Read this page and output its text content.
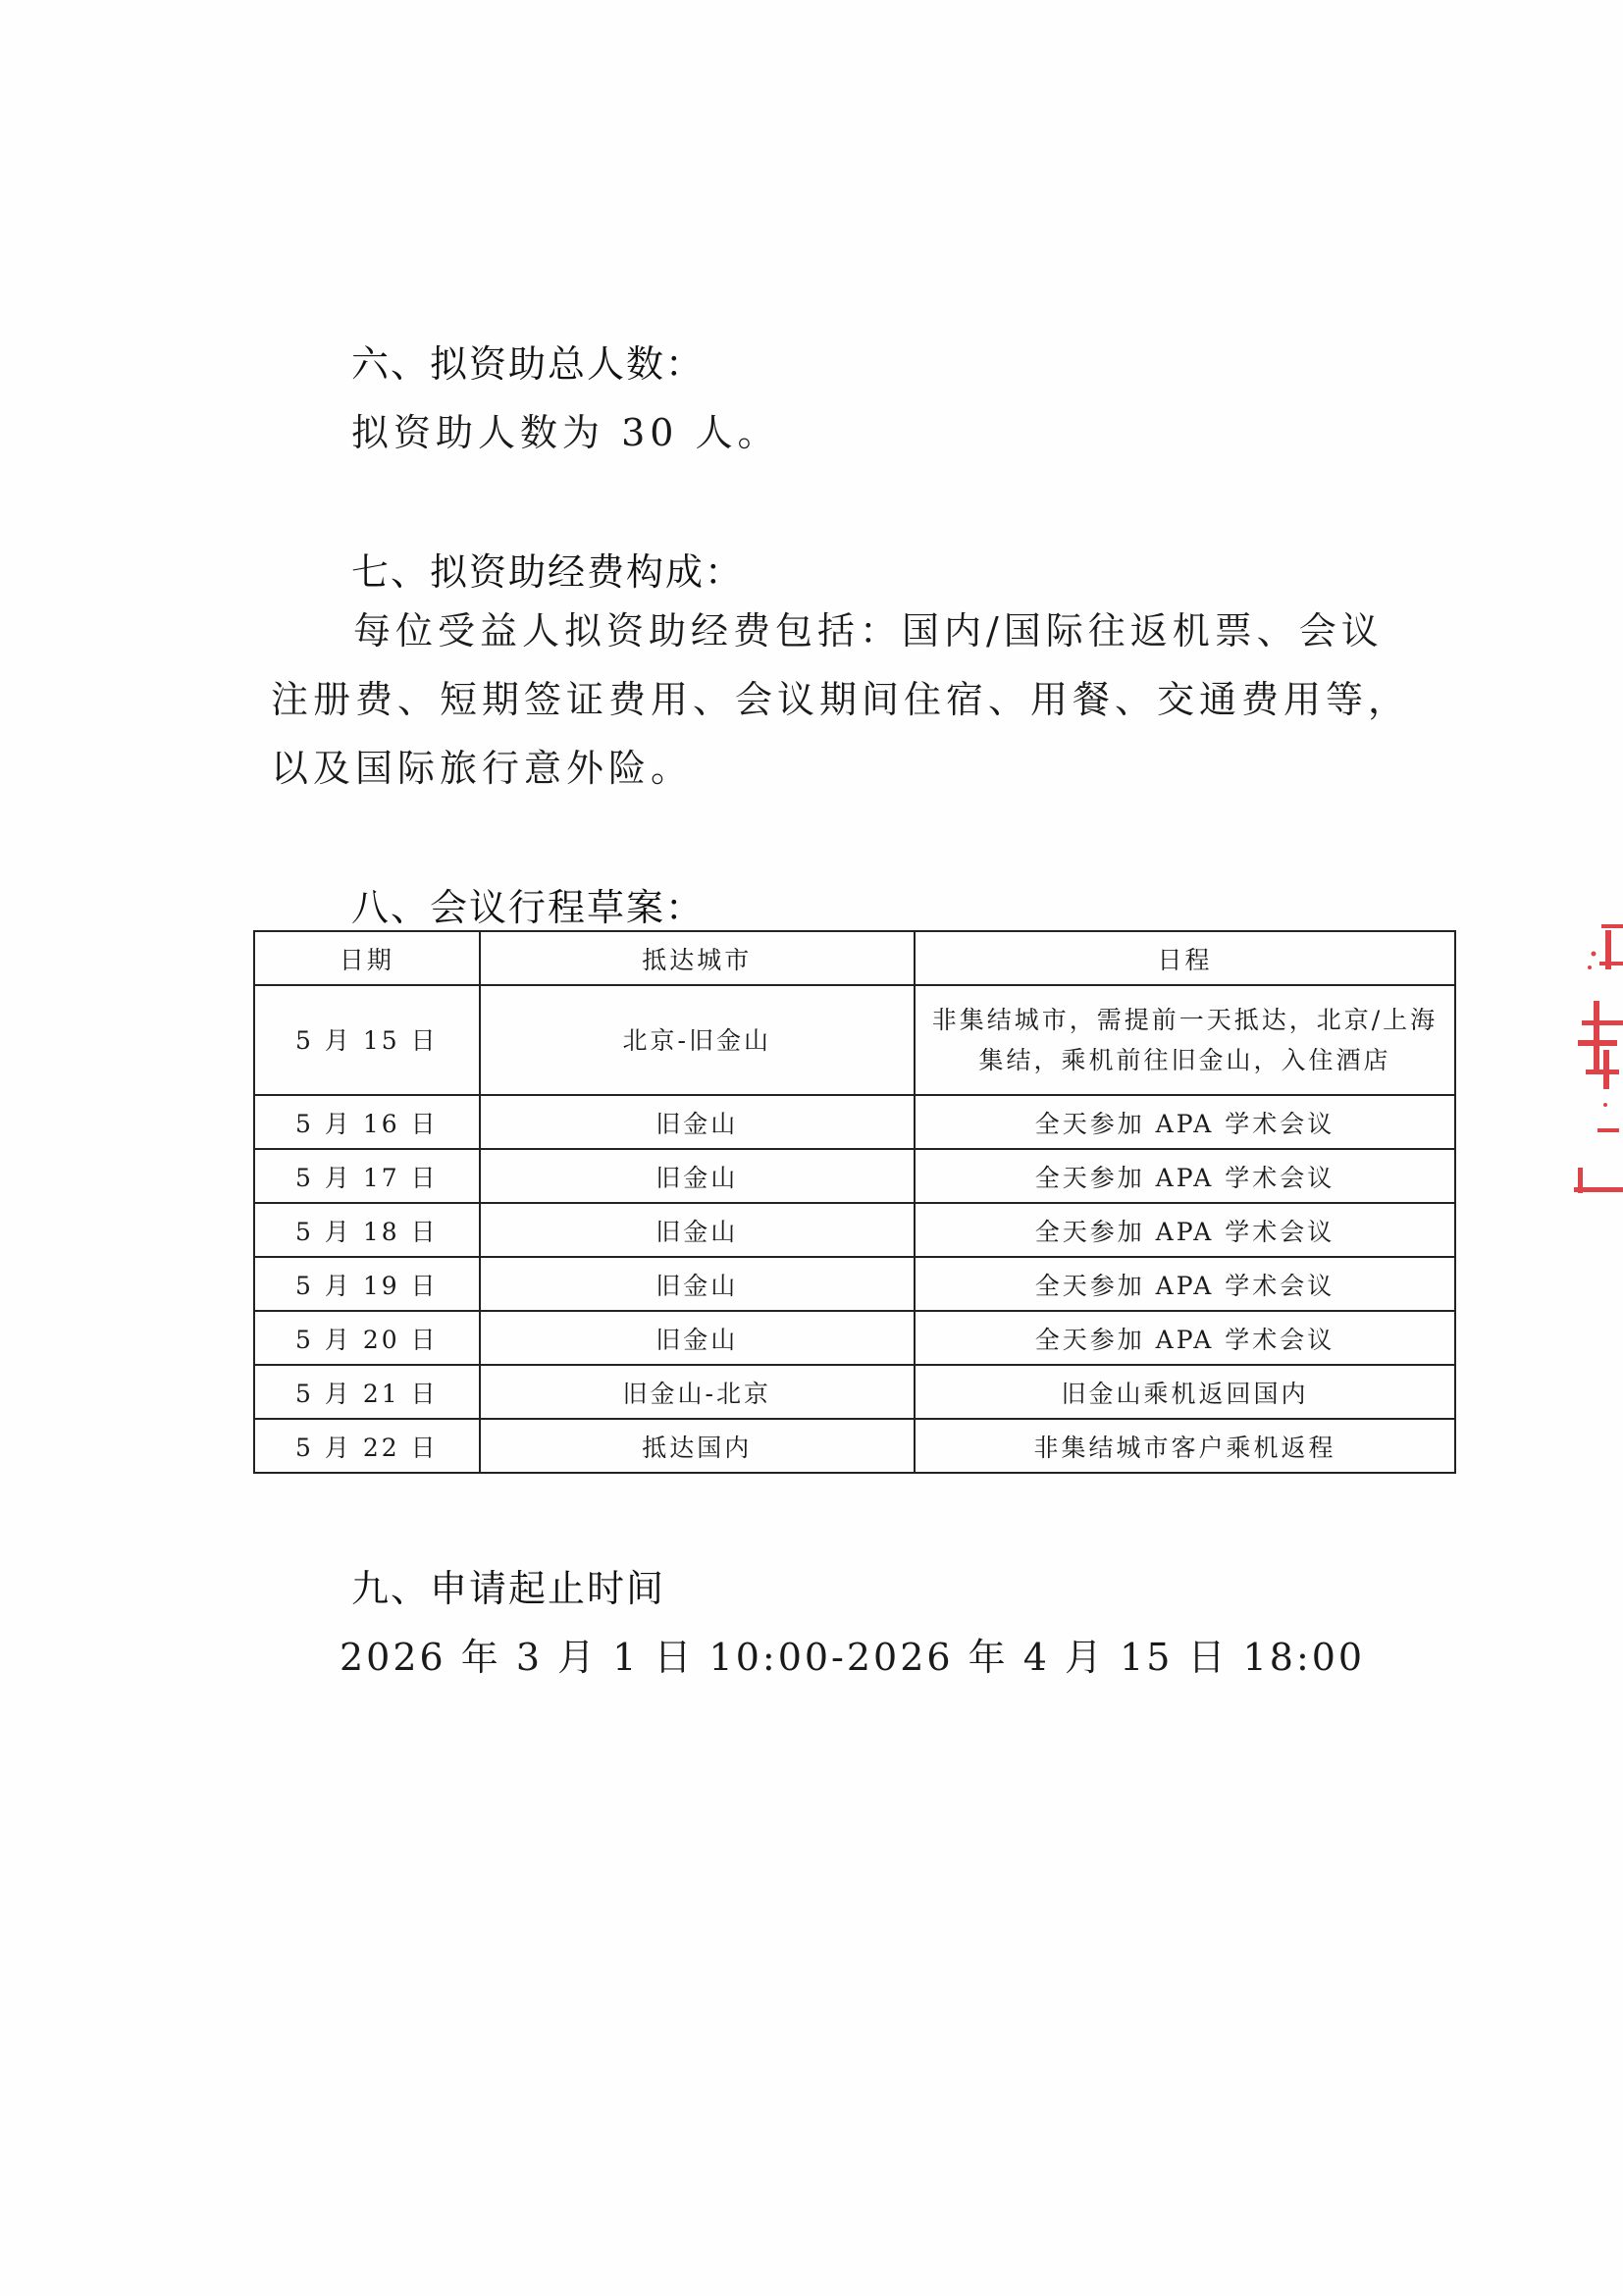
六、拟资助总人数：
拟资助人数为 30 人。
七、拟资助经费构成：
每位受益人拟资助经费包括：国内/国际往返机票、会议
注册费、短期签证费用、会议期间住宿、用餐、交通费用等，
以及国际旅行意外险。
八、会议行程草案：
日期	抵达城市	日程
5 月 15 日	北京-旧金山	非集结城市，需提前一天抵达，北京/上海
集结，乘机前往旧金山，入住酒店

5 月 16 日	旧金山	全天参加 APA 学术会议
5 月 17 日	旧金山	全天参加 APA 学术会议
5 月 18 日	旧金山	全天参加 APA 学术会议
5 月 19 日	旧金山	全天参加 APA 学术会议
5 月 20 日	旧金山	全天参加 APA 学术会议
5 月 21 日	旧金山-北京	旧金山乘机返回国内
5 月 22 日	抵达国内	非集结城市客户乘机返程
九、申请起止时间
2026 年 3 月 1 日 10:00-2026 年 4 月 15 日 18:00
